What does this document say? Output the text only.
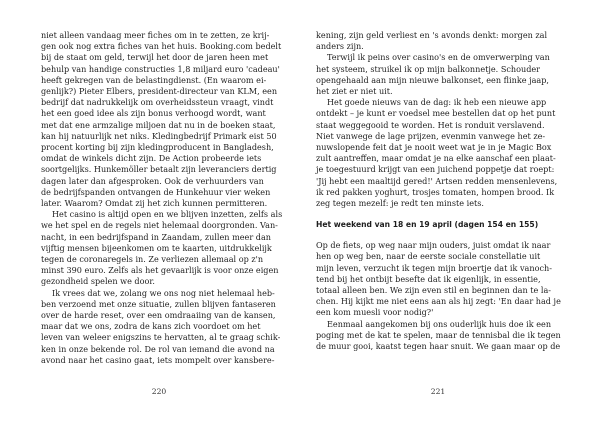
niet alleen vandaag meer fiches om in te zetten, ze krij-
gen ook nog extra fiches van het huis. Booking.com bedelt
bij de staat om geld, terwijl het door de jaren heen met
behulp van handige constructies 1,8 miljard euro 'cadeau'
heeft gekregen van de belastingdienst. (En waarom ei-
genlijk?) Pieter Elbers, president-directeur van KLM, een
bedrijf dat nadrukkelijk om overheidssteun vraagt, vindt
het een goed idee als zijn bonus verhoogd wordt, want
met dat ene armzalige miljoen dat nu in de boeken staat,
kan hij natuurlijk net niks. Kledingbedrijf Primark eist 50
procent korting bij zijn kledingproducent in Bangladesh,
omdat de winkels dicht zijn. De Action probeerde iets
soortgelijks. Hunkemöller betaalt zijn leveranciers dertig
dagen later dan afgesproken. Ook de verhuurders van
de bedrijfspanden ontvangen de Hunkehuur vier weken
later. Waarom? Omdat zij het zich kunnen permitteren.
Het casino is altijd open en we blijven inzetten, zelfs als
we het spel en de regels niet helemaal doorgronden. Van-
nacht, in een bedrijfspand in Zaandam, zullen meer dan
vijftig mensen bijeenkomen om te kaarten, uitdrukkelijk
tegen de coronaregels in. Ze verliezen allemaal op z'n
minst 390 euro. Zelfs als het gevaarlijk is voor onze eigen
gezondheid spelen we door.
Ik vrees dat we, zolang we ons nog niet helemaal heb-
ben verzoend met onze situatie, zullen blijven fantaseren
over de harde reset, over een omdraaiing van de kansen,
maar dat we ons, zodra de kans zich voordoet om het
leven van weleer enigszins te hervatten, al te graag schik-
ken in onze bekende rol. De rol van iemand die avond na
avond naar het casino gaat, iets mompelt over kansbere-
220
kening, zijn geld verliest en 's avonds denkt: morgen zal
anders zijn.
Terwijl ik peins over casino's en de omverwerping van
het systeem, struikel ik op mijn balkonnetje. Schouder
opengehaald aan mijn nieuwe balkonset, een flinke jaap,
het ziet er niet uit.
Het goede nieuws van de dag: ik heb een nieuwe app
ontdekt – je kunt er voedsel mee bestellen dat op het punt
staat weggegooid te worden. Het is ronduit verslavend.
Niet vanwege de lage prijzen, evenmin vanwege het ze-
nuwslopende feit dat je nooit weet wat je in je Magic Box
zult aantreffen, maar omdat je na elke aanschaf een plaat-
je toegestuurd krijgt van een juichend poppetje dat roept:
'Jij hebt een maaltijd gered!' Artsen redden mensenlevens,
ik red pakken yoghurt, trosjes tomaten, hompen brood. Ik
zeg tegen mezelf: je redt ten minste iets.
Het weekend van 18 en 19 april (dagen 154 en 155)
Op de fiets, op weg naar mijn ouders, juist omdat ik naar
hen op weg ben, naar de eerste sociale constellatie uit
mijn leven, verzucht ik tegen mijn broertje dat ik vanoch-
tend bij het ontbijt besefte dat ik eigenlijk, in essentie,
totaal alleen ben. We zijn even stil en beginnen dan te la-
chen. Hij kijkt me niet eens aan als hij zegt: 'En daar had je
een kom muesli voor nodig?'
Eenmaal aangekomen bij ons ouderlijk huis doe ik een
poging met de kat te spelen, maar de tennisbal die ik tegen
de muur gooi, kaatst tegen haar snuit. We gaan maar op de
221
